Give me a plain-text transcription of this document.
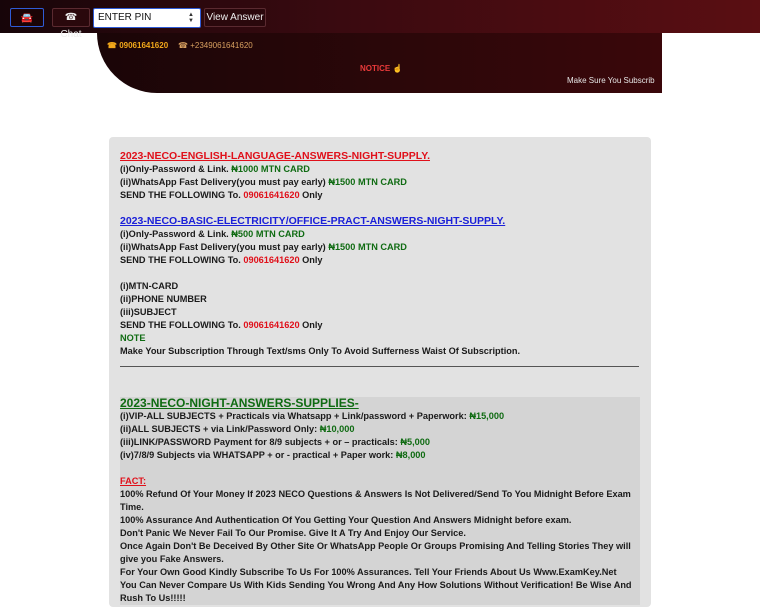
🚘	☎ Chat
ENTER PIN	▲
▼ View Answer
☎ 09061641620 ☎ +2349061641620
NOTICE ☝
Make Sure You Subscrib
2023-NECO-ENGLISH-LANGUAGE-ANSWERS-NIGHT-SUPPLY.
(i)Only-Password & Link. ₦1000 MTN CARD
(ii)WhatsApp Fast Delivery(you must pay early) ₦1500 MTN CARD
SEND THE FOLLOWING To. 09061641620 Only
2023-NECO-BASIC-ELECTRICITY/OFFICE-PRACT-ANSWERS-NIGHT-SUPPLY.
(i)Only-Password & Link. ₦500 MTN CARD
(ii)WhatsApp Fast Delivery(you must pay early) ₦1500 MTN CARD
SEND THE FOLLOWING To. 09061641620 Only
(i)MTN-CARD
(ii)PHONE NUMBER
(iii)SUBJECT
SEND THE FOLLOWING To. 09061641620 Only
NOTE
Make Your Subscription Through Text/sms Only To Avoid Sufferness Waist Of Subscription.
2023-NECO-NIGHT-ANSWERS-SUPPLIES-
(i)VIP-ALL SUBJECTS + Practicals via Whatsapp + Link/password + Paperwork: ₦15,000
(ii)ALL SUBJECTS + via Link/Password Only: ₦10,000
(iii)LINK/PASSWORD Payment for 8/9 subjects + or – practicals: ₦5,000
(iv)7/8/9 Subjects via WHATSAPP + or - practical + Paper work: ₦8,000
FACT:
100% Refund Of Your Money If 2023 NECO Questions & Answers Is Not Delivered/Send To You Midnight Before Exam Time.
100% Assurance And Authentication Of You Getting Your Question And Answers Midnight before exam.
Don't Panic We Never Fail To Our Promise. Give It A Try And Enjoy Our Service.
Once Again Don't Be Deceived By Other Site Or WhatsApp People Or Groups Promising And Telling Stories They will give you Fake Answers.
For Your Own Good Kindly Subscribe To Us For 100% Assurances. Tell Your Friends About Us Www.ExamKey.Net
You Can Never Compare Us With Kids Sending You Wrong And Any How Solutions Without Verification! Be Wise And Rush To Us!!!!!
